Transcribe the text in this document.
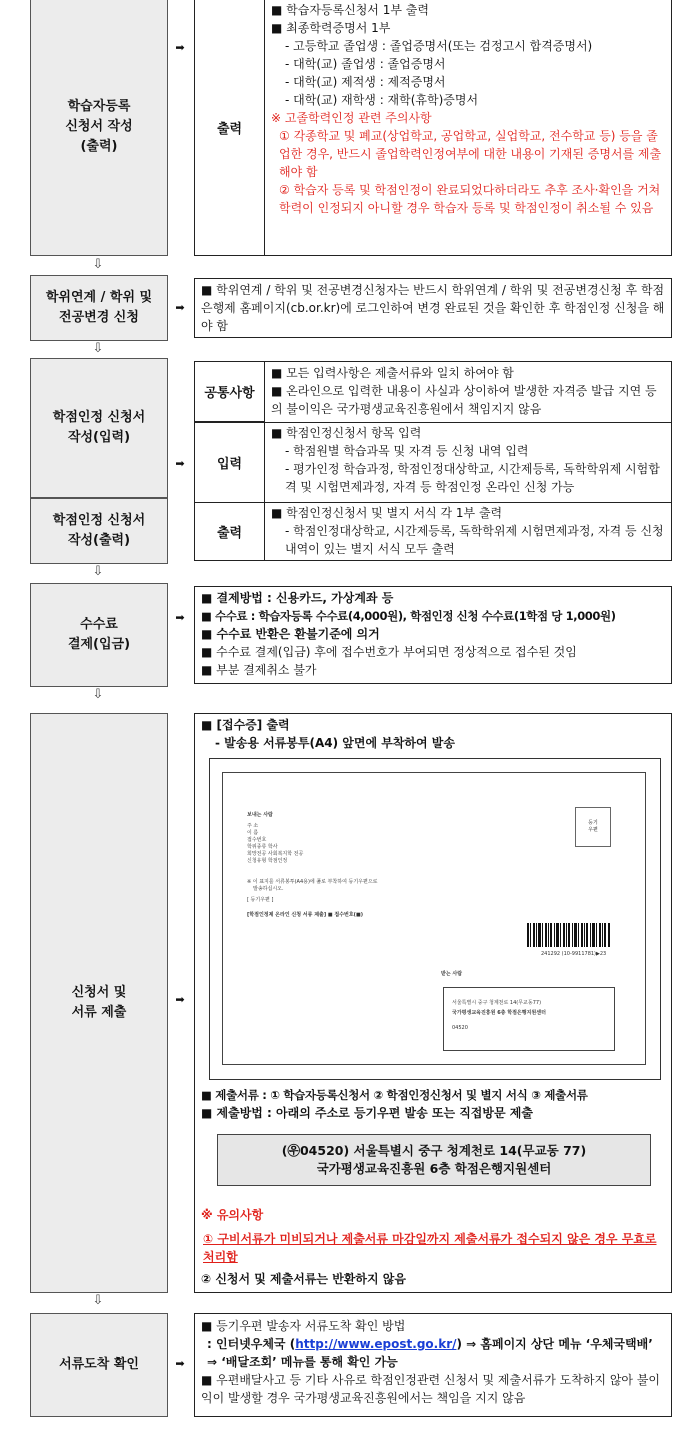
학습자등록
신청서 작성
(출력)
➡
출력
■ 학습자등록신청서 1부 출력
■ 최종학력증명서 1부
- 고등학교 졸업생 : 졸업증명서(또는 검정고시 합격증명서)
- 대학(교) 졸업생 : 졸업증명서
- 대학(교) 제적생 : 제적증명서
- 대학(교) 재학생 : 재학(휴학)증명서
※ 고졸학력인정 관련 주의사항
① 각종학교 및 폐교(상업학교, 공업학교, 실업학교, 전수학교 등) 등을 졸업한 경우, 반드시 졸업학력인정여부에 대한 내용이 기재된 증명서를 제출해야 함
② 학습자 등록 및 학점인정이 완료되었다하더라도 추후 조사·확인을 거쳐 학력이 인정되지 아니할 경우 학습자 등록 및 학점인정이 취소될 수 있음
⇩
학위연계 / 학위 및
전공변경 신청
➡
■ 학위연계 / 학위 및 전공변경신청자는 반드시 학위연계 / 학위 및 전공변경신청 후 학점은행제 홈페이지(cb.or.kr)에 로그인하여 변경 완료된 것을 확인한 후 학점인정 신청을 해야 함
⇩
학점인정 신청서
작성(입력)
학점인정 신청서
작성(출력)
➡
공통사항
■ 모든 입력사항은 제출서류와 일치 하여야 함
■ 온라인으로 입력한 내용이 사실과 상이하여 발생한 자격증 발급 지연 등의 불이익은 국가평생교육진흥원에서 책임지지 않음
입력
■ 학점인정신청서 항목 입력
- 학점원별 학습과목 및 자격 등 신청 내역 입력
- 평가인정 학습과정, 학점인정대상학교, 시간제등록, 독학학위제 시험합격 및 시험면제과정, 자격 등 학점인정 온라인 신청 가능
출력
■ 학점인정신청서 및 별지 서식 각 1부 출력
- 학점인정대상학교, 시간제등록, 독학학위제 시험면제과정, 자격 등 신청내역이 있는 별지 서식 모두 출력
⇩
수수료
결제(입금)
➡
■ 결제방법 : 신용카드, 가상계좌 등
■ 수수료 : 학습자등록 수수료(4,000원), 학점인정 신청 수수료(1학점 당 1,000원)
■ 수수료 반환은 환불기준에 의거
■ 수수료 결제(입금) 후에 접수번호가 부여되면 정상적으로 접수된 것임
■ 부분 결제취소 불가
⇩
신청서 및
서류 제출
➡
■ [접수증] 출력
- 발송용 서류봉투(A4) 앞면에 부착하여 발송
보내는 사람
주 소
이 름
접수번호
학위종류 학사
희망전공 사회복지학 전공
신청유형 학점인정
※ 이 표지를 서류봉투(A4용)에 풀로 부착하여 등기우편으로
발송하십시오.
[ 등기우편 ]
[학점인정제 온라인 신청 서류 제출] ■ 접수번호(■)
등기
우편
241292 (10-9911781)▶23
받는 사람
서울특별시 중구 청계천로 14(무교동77)
국가평생교육진흥원 6층 학점은행지원센터
04520
■ 제출서류 : ① 학습자등록신청서 ② 학점인정신청서 및 별지 서식 ③ 제출서류
■ 제출방법 : 아래의 주소로 등기우편 발송 또는 직접방문 제출
(㉾04520) 서울특별시 중구 청계천로 14(무교동 77)
국가평생교육진흥원 6층 학점은행지원센터
※ 유의사항
① 구비서류가 미비되거나 제출서류 마감일까지 제출서류가 접수되지 않은 경우 무효로 처리함
② 신청서 및 제출서류는 반환하지 않음
⇩
서류도착 확인	➡
■ 등기우편 발송자 서류도착 확인 방법
: 인터넷우체국 (http://www.epost.go.kr/) ⇒ 홈페이지 상단 메뉴 ‘우체국택배’
⇒ ‘배달조회’ 메뉴를 통해 확인 가능
■ 우편배달사고 등 기타 사유로 학점인정관련 신청서 및 제출서류가 도착하지 않아 불이익이 발생할 경우 국가평생교육진흥원에서는 책임을 지지 않음
